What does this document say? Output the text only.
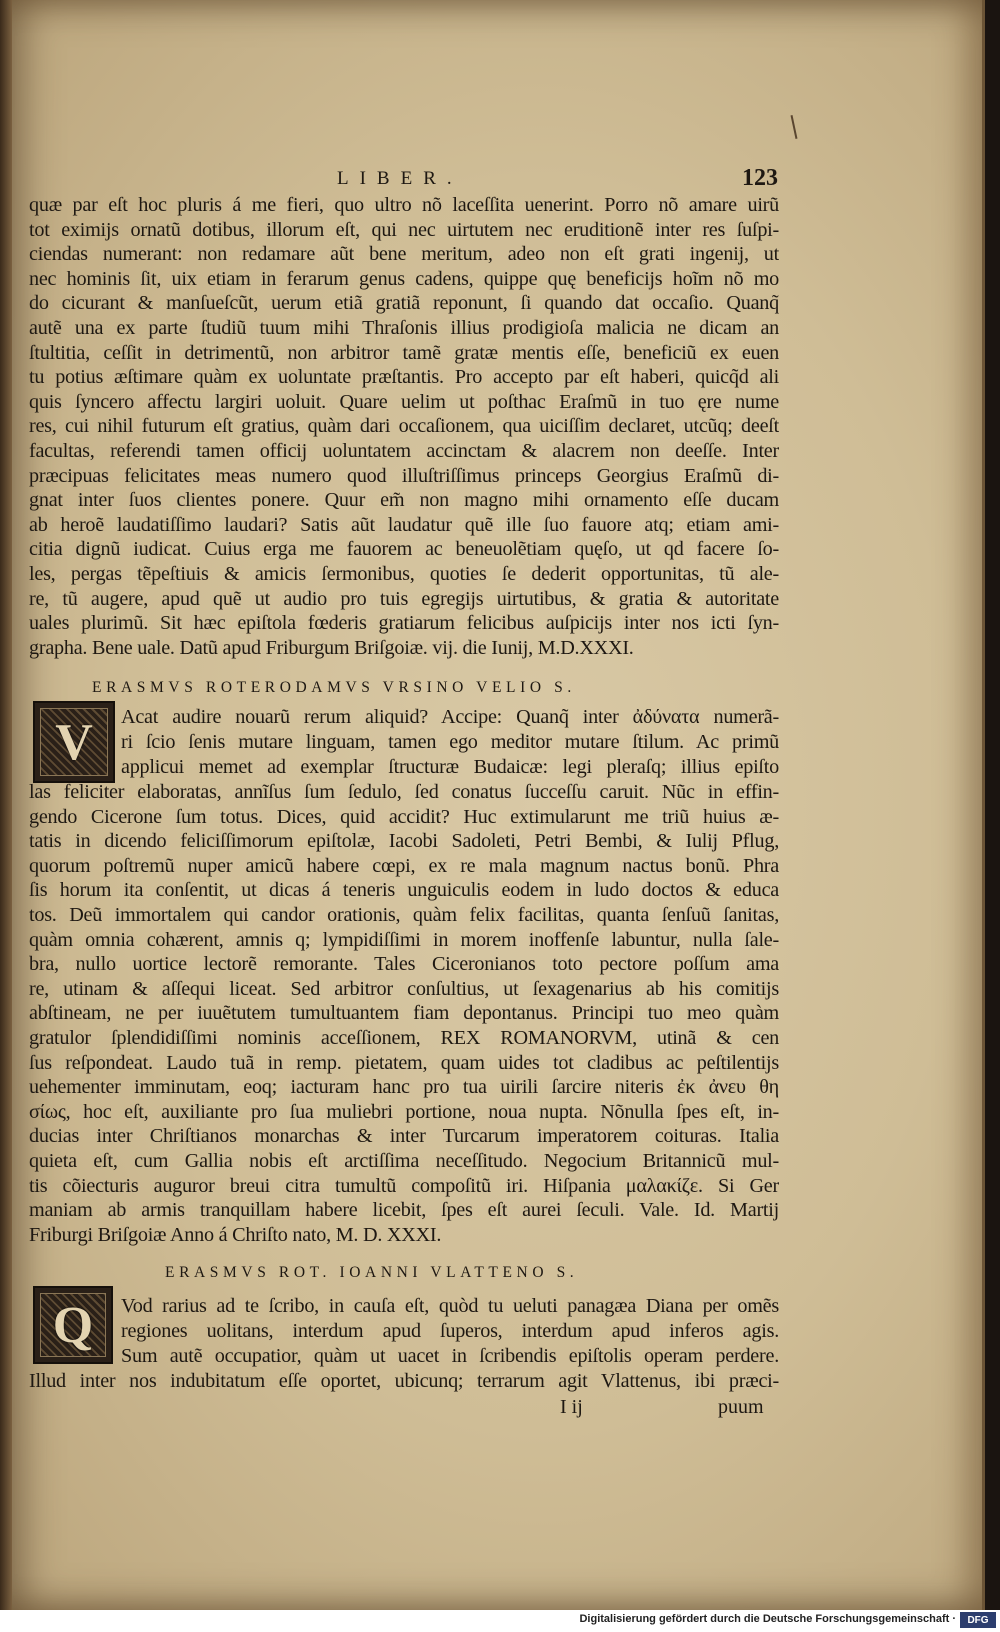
LIBER.	123
quæ par eſt hoc pluris á me fieri, quo ultro nõ laceſſita uenerint. Porro nõ amare uirũ
tot eximijs ornatũ dotibus, illorum eſt, qui nec uirtutem nec eruditionẽ inter res ſuſpi-
ciendas numerant: non redamare aũt bene meritum, adeo non eſt grati ingenij, ut
nec hominis ſit, uix etiam in ferarum genus cadens, quippe quę beneficijs hoĩm nõ mo
do cicurant & manſueſcũt, uerum etiã gratiã reponunt, ſi quando dat occaſio. Quanq̃
autẽ una ex parte ſtudiũ tuum mihi Thraſonis illius prodigioſa malicia ne dicam an
ſtultitia, ceſſit in detrimentũ, non arbitror tamẽ gratæ mentis eſſe, beneficiũ ex euen
tu potius æſtimare quàm ex uoluntate præſtantis. Pro accepto par eſt haberi, quicq̃d ali
quis ſyncero affectu largiri uoluit. Quare uelim ut poſthac Eraſmũ in tuo ęre nume
res, cui nihil futurum eſt gratius, quàm dari occaſionem, qua uiciſſim declaret, utcũq; deeſt
facultas, referendi tamen officij uoluntatem accinctam & alacrem non deeſſe. Inter
præcipuas felicitates meas numero quod illuſtriſſimus princeps Georgius Eraſmũ di-
gnat inter ſuos clientes ponere. Quur em̃ non magno mihi ornamento eſſe ducam
ab heroẽ laudatiſſimo laudari? Satis aũt laudatur quẽ ille ſuo fauore atq; etiam ami-
citia dignũ iudicat. Cuius erga me fauorem ac beneuolẽtiam quęſo, ut qd facere ſo-
les, pergas tẽpeſtiuis & amicis ſermonibus, quoties ſe dederit opportunitas, tũ ale-
re, tũ augere, apud quẽ ut audio pro tuis egregijs uirtutibus, & gratia & autoritate
uales plurimũ. Sit hæc epiſtola fœderis gratiarum felicibus auſpicijs inter nos icti ſyn-
grapha. Bene uale. Datũ apud Friburgum Briſgoiæ. vij. die Iunij, M.D.XXXI.
ERASMVS ROTERODAMVS VRSINO VELIO S.
V	Acat audire nouarũ rerum aliquid? Accipe: Quanq̃ inter ἀδύνατα numerã-
ri ſcio ſenis mutare linguam, tamen ego meditor mutare ſtilum. Ac primũ
applicui memet ad exemplar ſtructuræ Budaicæ: legi pleraſq; illius epiſto
las feliciter elaboratas, annĩſus ſum ſedulo, ſed conatus ſucceſſu caruit. Nũc in effin-
gendo Cicerone ſum totus. Dices, quid accidit? Huc extimularunt me triũ huius æ-
tatis in dicendo feliciſſimorum epiſtolæ, Iacobi Sadoleti, Petri Bembi, & Iulij Pflug,
quorum poſtremũ nuper amicũ habere cœpi, ex re mala magnum nactus bonũ. Phra
ſis horum ita conſentit, ut dicas á teneris unguiculis eodem in ludo doctos & educa
tos. Deũ immortalem qui candor orationis, quàm felix facilitas, quanta ſenſuũ ſanitas,
quàm omnia cohærent, amnis q; lympidiſſimi in morem inoffenſe labuntur, nulla ſale-
bra, nullo uortice lectorẽ remorante. Tales Ciceronianos toto pectore poſſum ama
re, utinam & aſſequi liceat. Sed arbitror conſultius, ut ſexagenarius ab his comitijs
abſtineam, ne per iuuẽtutem tumultuantem fiam depontanus. Principi tuo meo quàm
gratulor ſplendidiſſimi nominis acceſſionem, REX ROMANORVM, utinã & cen
ſus reſpondeat. Laudo tuã in remp. pietatem, quam uides tot cladibus ac peſtilentijs
uehementer imminutam, eoq; iacturam hanc pro tua uirili ſarcire niteris ἐκ ἀνευ θη
σίως, hoc eſt, auxiliante pro ſua muliebri portione, noua nupta. Nõnulla ſpes eſt, in-
ducias inter Chriſtianos monarchas & inter Turcarum imperatorem coituras. Italia
quieta eſt, cum Gallia nobis eſt arctiſſima neceſſitudo. Negocium Britannicũ mul-
tis cõiecturis auguror breui citra tumultũ compoſitũ iri. Hiſpania μαλακίζε. Si Ger
maniam ab armis tranquillam habere licebit, ſpes eſt aurei ſeculi. Vale. Id. Martij
Friburgi Briſgoiæ Anno á Chriſto nato, M. D. XXXI.
ERASMVS ROT. IOANNI VLATTENO S.
Q	Vod rarius ad te ſcribo, in cauſa eſt, quòd tu ueluti panagæa Diana per omẽs
regiones uolitans, interdum apud ſuperos, interdum apud inferos agis.
Sum autẽ occupatior, quàm ut uacet in ſcribendis epiſtolis operam perdere.
Illud inter nos indubitatum eſſe oportet, ubicunq; terrarum agit Vlattenus, ibi præci-
I ij	puum
Digitalisierung gefördert durch die Deutsche Forschungsgemeinschaft ·	DFG
